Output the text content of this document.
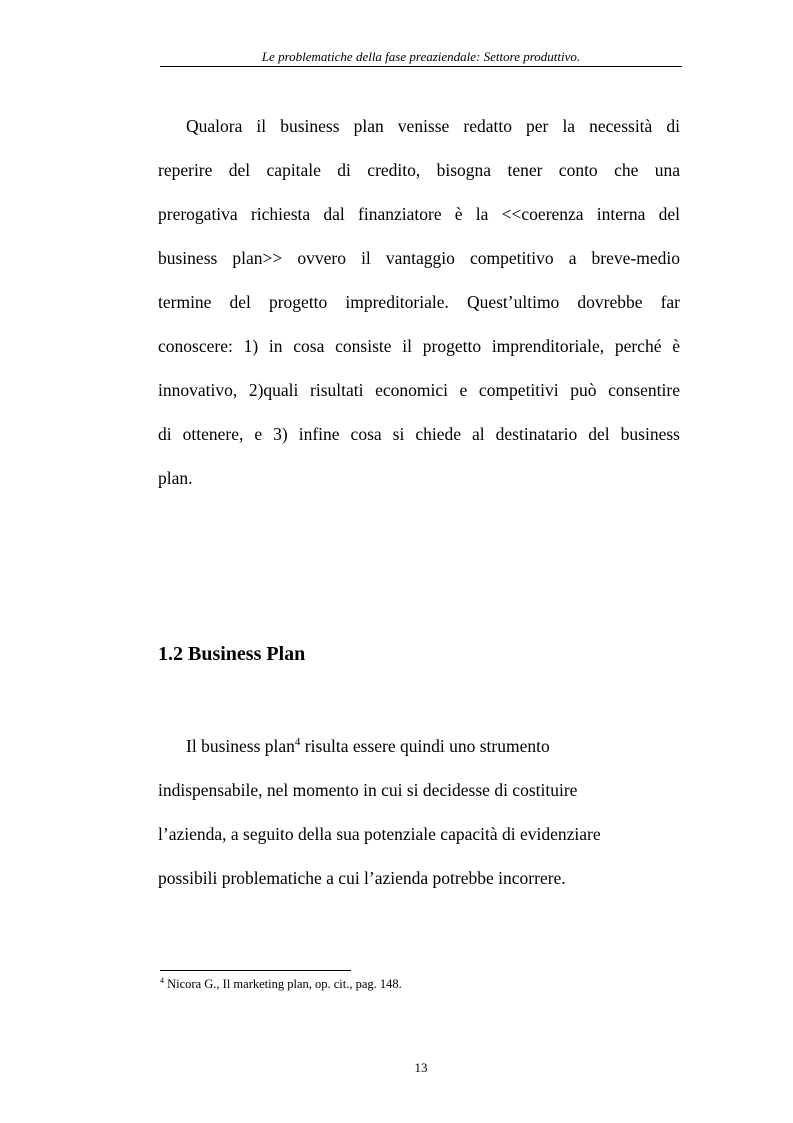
Le problematiche della fase preaziendale: Settore produttivo.
Qualora il business plan venisse redatto per la necessità di
reperire del capitale di credito, bisogna tener conto che una
prerogativa richiesta dal finanziatore è la <<coerenza interna del
business plan>> ovvero il vantaggio competitivo a breve-medio
termine del progetto impreditoriale. Quest’ultimo dovrebbe far
conoscere: 1) in cosa consiste il progetto imprenditoriale, perché è
innovativo, 2)quali risultati economici e competitivi può consentire
di ottenere, e 3) infine cosa si chiede al destinatario del business
plan.
1.2 Business Plan
Il business plan$^4$ risulta essere quindi uno strumento
indispensabile, nel momento in cui si decidesse di costituire
l’azienda, a seguito della sua potenziale capacità di evidenziare
possibili problematiche a cui l’azienda potrebbe incorrere.
$^4$ Nicora G., Il marketing plan, op. cit., pag. 148.
13
